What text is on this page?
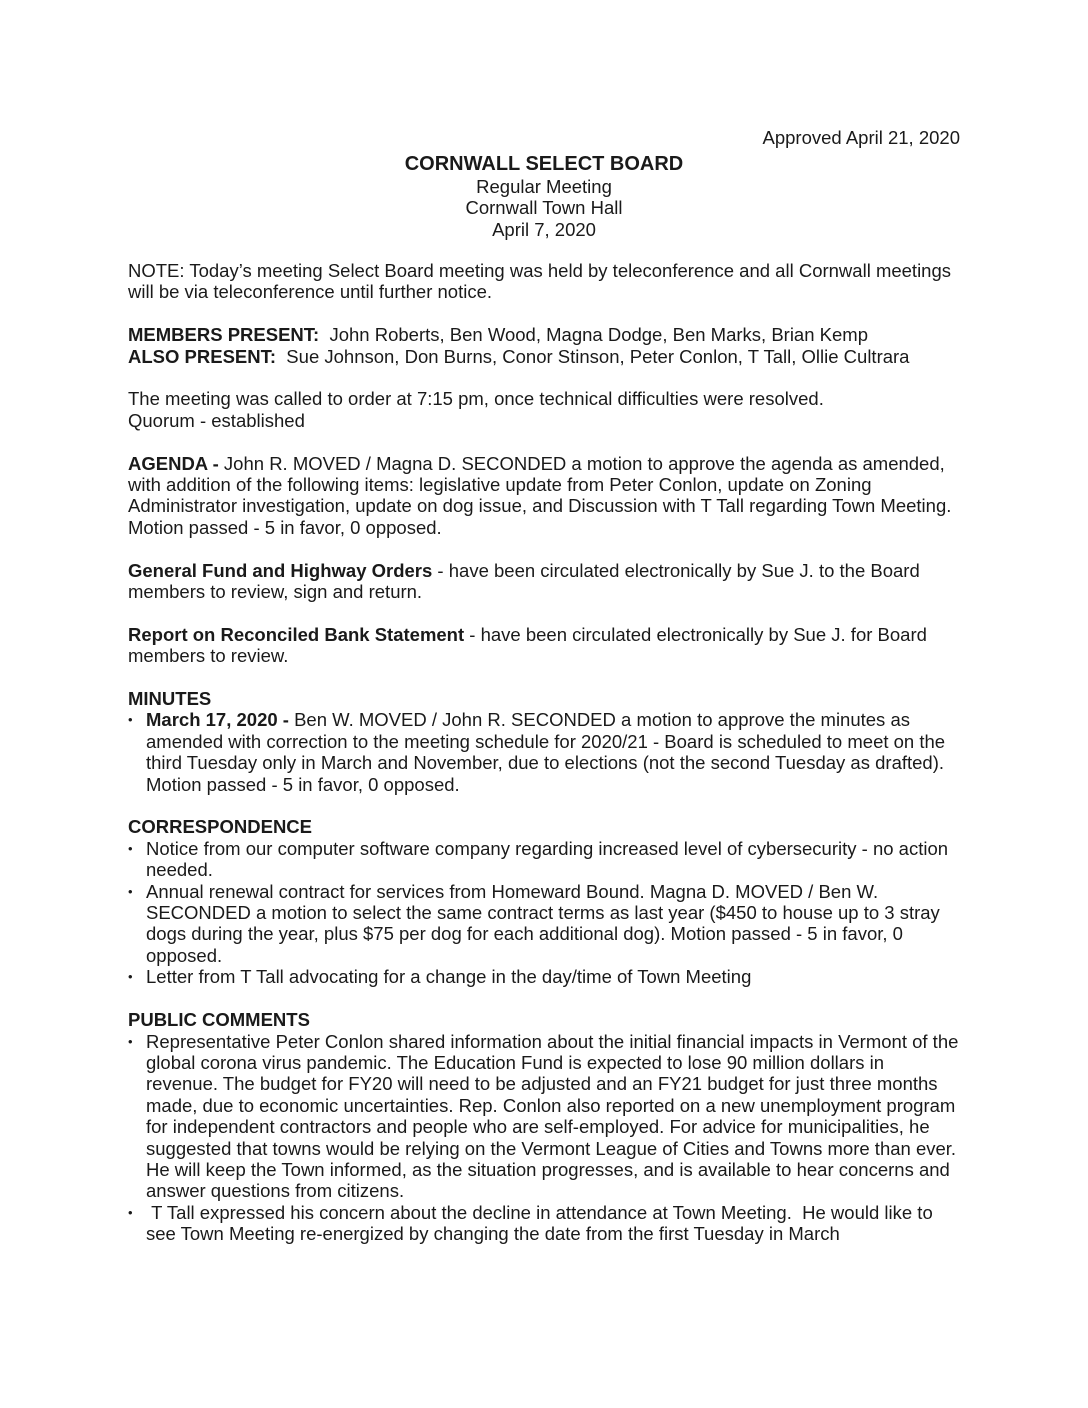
Approved April 21, 2020
CORNWALL SELECT BOARD
Regular Meeting
Cornwall Town Hall
April 7, 2020

NOTE: Today’s meeting Select Board meeting was held by teleconference and all Cornwall meetings will be via teleconference until further notice.

MEMBERS PRESENT:  John Roberts, Ben Wood, Magna Dodge, Ben Marks, Brian Kemp

ALSO PRESENT:  Sue Johnson, Don Burns, Conor Stinson, Peter Conlon, T Tall, Ollie Cultrara

The meeting was called to order at 7:15 pm, once technical difficulties were resolved.
Quorum - established

AGENDA - John R. MOVED / Magna D. SECONDED a motion to approve the agenda as amended, with addition of the following items: legislative update from Peter Conlon, update on Zoning Administrator investigation, update on dog issue, and Discussion with T Tall regarding Town Meeting. Motion passed - 5 in favor, 0 opposed.

General Fund and Highway Orders - have been circulated electronically by Sue J. to the Board members to review, sign and return.

Report on Reconciled Bank Statement - have been circulated electronically by Sue J. for Board members to review.

MINUTES
• March 17, 2020 - Ben W. MOVED / John R. SECONDED a motion to approve the minutes as amended with correction to the meeting schedule for 2020/21 - Board is scheduled to meet on the third Tuesday only in March and November, due to elections (not the second Tuesday as drafted). Motion passed - 5 in favor, 0 opposed.
CORRESPONDENCE
• Notice from our computer software company regarding increased level of cybersecurity - no action needed.
• Annual renewal contract for services from Homeward Bound. Magna D. MOVED / Ben W. SECONDED a motion to select the same contract terms as last year ($450 to house up to 3 stray dogs during the year, plus $75 per dog for each additional dog). Motion passed - 5 in favor, 0 opposed.
• Letter from T Tall advocating for a change in the day/time of Town Meeting
PUBLIC COMMENTS
• Representative Peter Conlon shared information about the initial financial impacts in Vermont of the global corona virus pandemic. The Education Fund is expected to lose 90 million dollars in revenue. The budget for FY20 will need to be adjusted and an FY21 budget for just three months made, due to economic uncertainties. Rep. Conlon also reported on a new unemployment program for independent contractors and people who are self-employed. For advice for municipalities, he suggested that towns would be relying on the Vermont League of Cities and Towns more than ever. He will keep the Town informed, as the situation progresses, and is available to hear concerns and answer questions from citizens.
• T Tall expressed his concern about the decline in attendance at Town Meeting.  He would like to see Town Meeting re-energized by changing the date from the first Tuesday in March
